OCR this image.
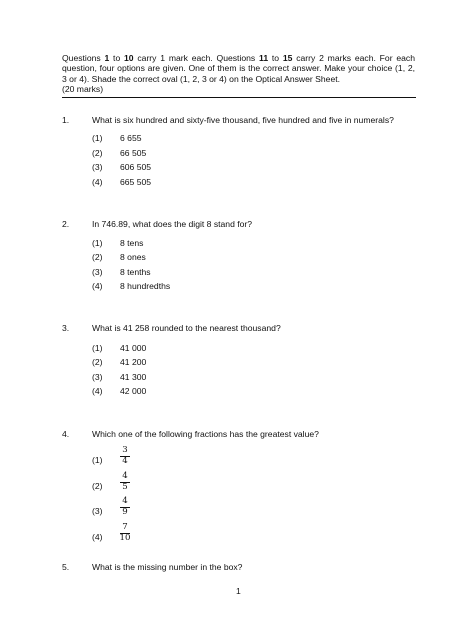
Questions 1 to 10 carry 1 mark each. Questions 11 to 15 carry 2 marks each. For each question, four options are given. One of them is the correct answer. Make your choice (1, 2, 3 or 4). Shade the correct oval (1, 2, 3 or 4) on the Optical Answer Sheet.
(20 marks)
1.	What is six hundred and sixty-five thousand, five hundred and five in numerals?
(1) 6 655
(2) 66 505
(3) 606 505
(4) 665 505
2.	In 746.89, what does the digit 8 stand for?
(1) 8 tens
(2) 8 ones
(3) 8 tenths
(4) 8 hundredths
3.	What is 41 258 rounded to the nearest thousand?
(1) 41 000
(2) 41 200
(3) 41 300
(4) 42 000
4.	Which one of the following fractions has the greatest value?
(1)
3
4
(2)
4
5
(3)
4
9
(4)
7
10
5.	What is the missing number in the box?
1
